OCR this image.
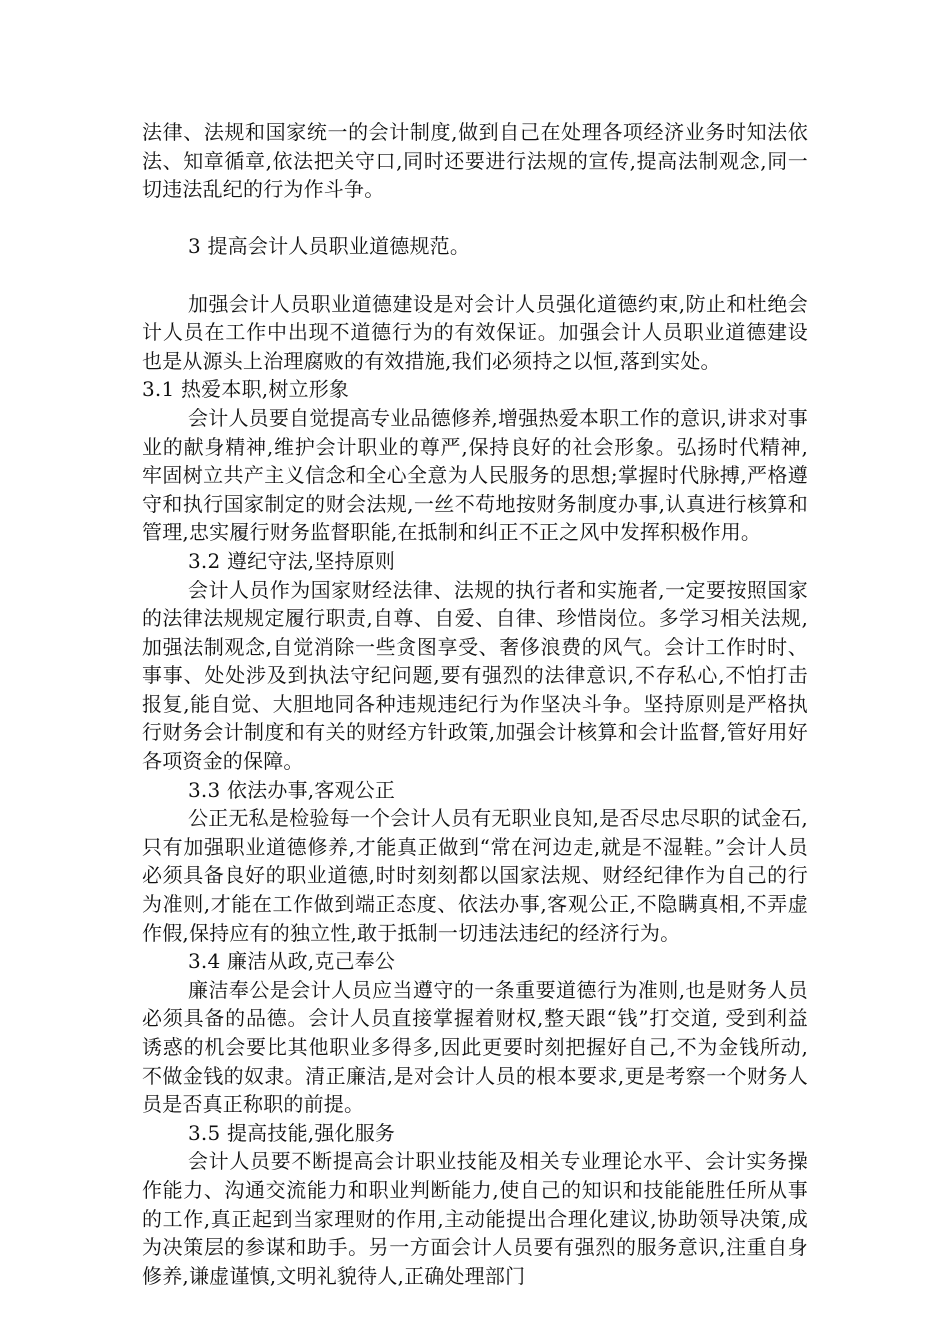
法律、法规和国家统一的会计制度,做到自己在处理各项经济业务时知法依法、知章循章,依法把关守口,同时还要进行法规的宣传,提高法制观念,同一切违法乱纪的行为作斗争。

3 提高会计人员职业道德规范。

加强会计人员职业道德建设是对会计人员强化道德约束,防止和杜绝会计人员在工作中出现不道德行为的有效保证。加强会计人员职业道德建设也是从源头上治理腐败的有效措施,我们必须持之以恒,落到实处。

3.1 热爱本职,树立形象

会计人员要自觉提高专业品德修养,增强热爱本职工作的意识,讲求对事业的献身精神,维护会计职业的尊严,保持良好的社会形象。弘扬时代精神,牢固树立共产主义信念和全心全意为人民服务的思想;掌握时代脉搏,严格遵守和执行国家制定的财会法规,一丝不苟地按财务制度办事,认真进行核算和管理,忠实履行财务监督职能,在抵制和纠正不正之风中发挥积极作用。

3.2 遵纪守法,坚持原则

会计人员作为国家财经法律、法规的执行者和实施者,一定要按照国家的法律法规规定履行职责,自尊、自爱、自律、珍惜岗位。多学习相关法规,加强法制观念,自觉消除一些贪图享受、奢侈浪费的风气。会计工作时时、事事、处处涉及到执法守纪问题,要有强烈的法律意识,不存私心,不怕打击报复,能自觉、大胆地同各种违规违纪行为作坚决斗争。坚持原则是严格执行财务会计制度和有关的财经方针政策,加强会计核算和会计监督,管好用好各项资金的保障。

3.3 依法办事,客观公正

公正无私是检验每一个会计人员有无职业良知,是否尽忠尽职的试金石,只有加强职业道德修养,才能真正做到“常在河边走,就是不湿鞋。”会计人员必须具备良好的职业道德,时时刻刻都以国家法规、财经纪律作为自己的行为准则,才能在工作做到端正态度、依法办事,客观公正,不隐瞒真相,不弄虚作假,保持应有的独立性,敢于抵制一切违法违纪的经济行为。

3.4 廉洁从政,克己奉公

廉洁奉公是会计人员应当遵守的一条重要道德行为准则,也是财务人员必须具备的品德。会计人员直接掌握着财权,整天跟“钱”打交道, 受到利益诱惑的机会要比其他职业多得多,因此更要时刻把握好自己,不为金钱所动,不做金钱的奴隶。清正廉洁,是对会计人员的根本要求,更是考察一个财务人员是否真正称职的前提。

3.5 提高技能,强化服务

会计人员要不断提高会计职业技能及相关专业理论水平、会计实务操作能力、沟通交流能力和职业判断能力,使自己的知识和技能能胜任所从事的工作,真正起到当家理财的作用,主动能提出合理化建议,协助领导决策,成为决策层的参谋和助手。另一方面会计人员要有强烈的服务意识,注重自身修养,谦虚谨慎,文明礼貌待人,正确处理部门
